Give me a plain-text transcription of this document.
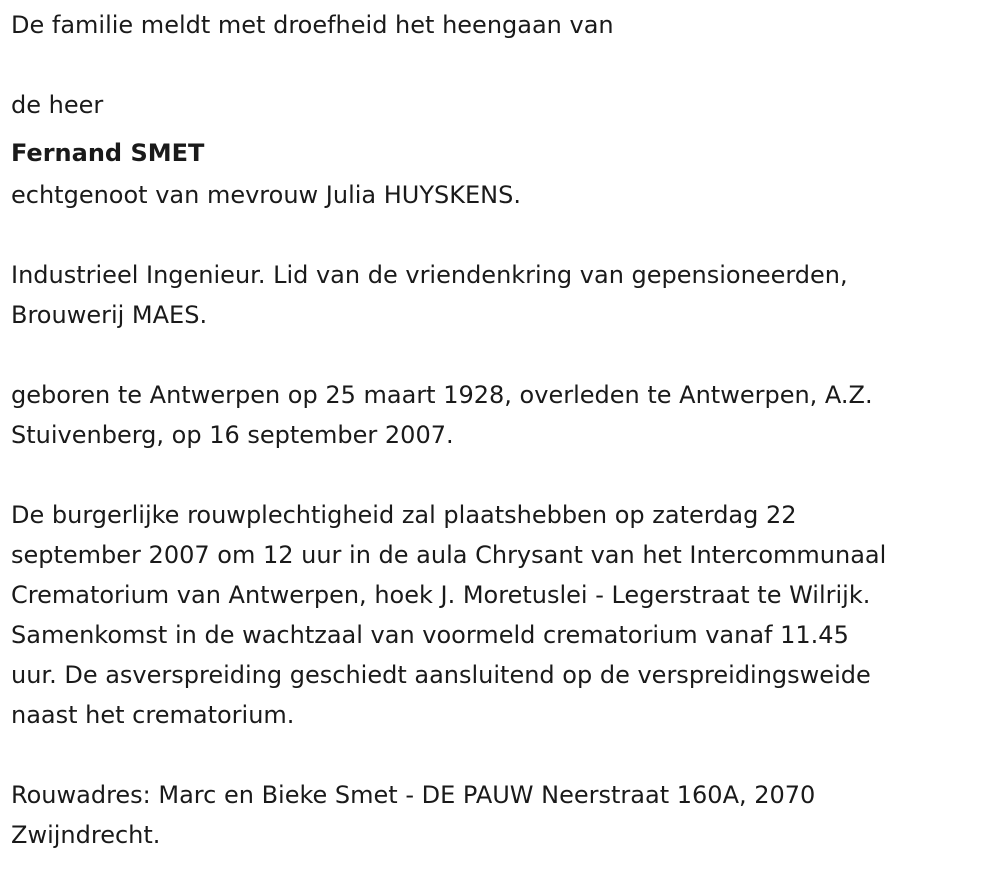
De familie meldt met droefheid het heengaan van

de heer

Fernand SMET

echtgenoot van mevrouw Julia HUYSKENS.

Industrieel Ingenieur. Lid van de vriendenkring van gepensioneerden,

Brouwerij MAES.

geboren te Antwerpen op 25 maart 1928, overleden te Antwerpen, A.Z.

Stuivenberg, op 16 september 2007.

De burgerlijke rouwplechtigheid zal plaatshebben op zaterdag 22

september 2007 om 12 uur in de aula Chrysant van het Intercommunaal

Crematorium van Antwerpen, hoek J. Moretuslei - Legerstraat te Wilrijk.

Samenkomst in de wachtzaal van voormeld crematorium vanaf 11.45

uur. De asverspreiding geschiedt aansluitend op de verspreidingsweide

naast het crematorium.

Rouwadres: Marc en Bieke Smet - DE PAUW Neerstraat 160A, 2070

Zwijndrecht.
